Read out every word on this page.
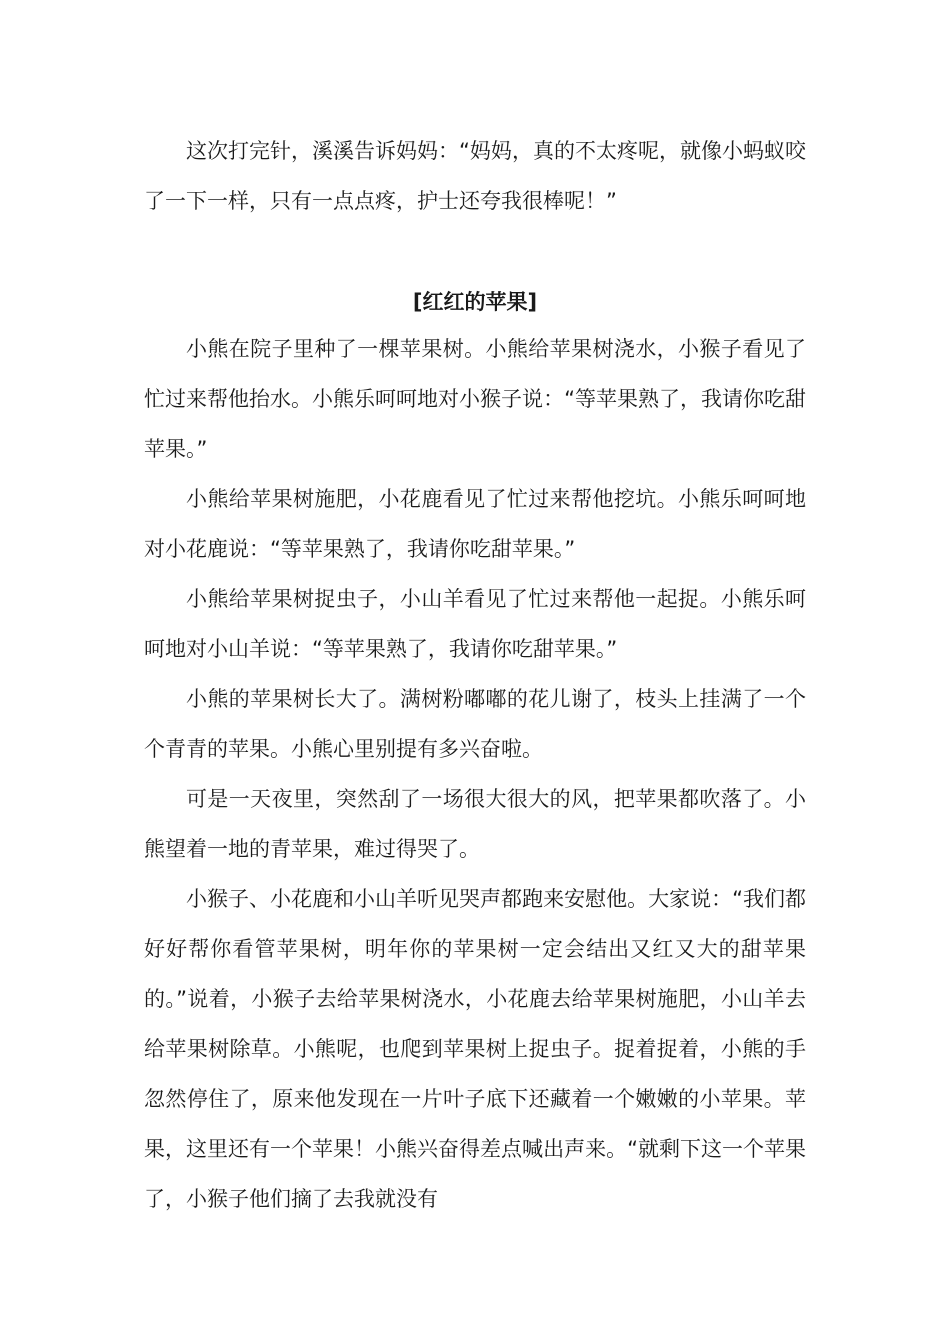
这次打完针，溪溪告诉妈妈：“妈妈，真的不太疼呢，就像小蚂蚁咬了一下一样，只有一点点疼，护士还夸我很棒呢！”

[红红的苹果]

小熊在院子里种了一棵苹果树。小熊给苹果树浇水，小猴子看见了忙过来帮他抬水。小熊乐呵呵地对小猴子说：“等苹果熟了，我请你吃甜苹果。”

小熊给苹果树施肥，小花鹿看见了忙过来帮他挖坑。小熊乐呵呵地对小花鹿说：“等苹果熟了，我请你吃甜苹果。”

小熊给苹果树捉虫子，小山羊看见了忙过来帮他一起捉。小熊乐呵呵地对小山羊说：“等苹果熟了，我请你吃甜苹果。”

小熊的苹果树长大了。满树粉嘟嘟的花儿谢了，枝头上挂满了一个个青青的苹果。小熊心里别提有多兴奋啦。

可是一天夜里，突然刮了一场很大很大的风，把苹果都吹落了。小熊望着一地的青苹果，难过得哭了。

小猴子、小花鹿和小山羊听见哭声都跑来安慰他。大家说：“我们都好好帮你看管苹果树，明年你的苹果树一定会结出又红又大的甜苹果的。”说着，小猴子去给苹果树浇水，小花鹿去给苹果树施肥，小山羊去给苹果树除草。小熊呢，也爬到苹果树上捉虫子。捉着捉着，小熊的手忽然停住了，原来他发现在一片叶子底下还藏着一个嫩嫩的小苹果。苹果，这里还有一个苹果！小熊兴奋得差点喊出声来。“就剩下这一个苹果了，小猴子他们摘了去我就没有
